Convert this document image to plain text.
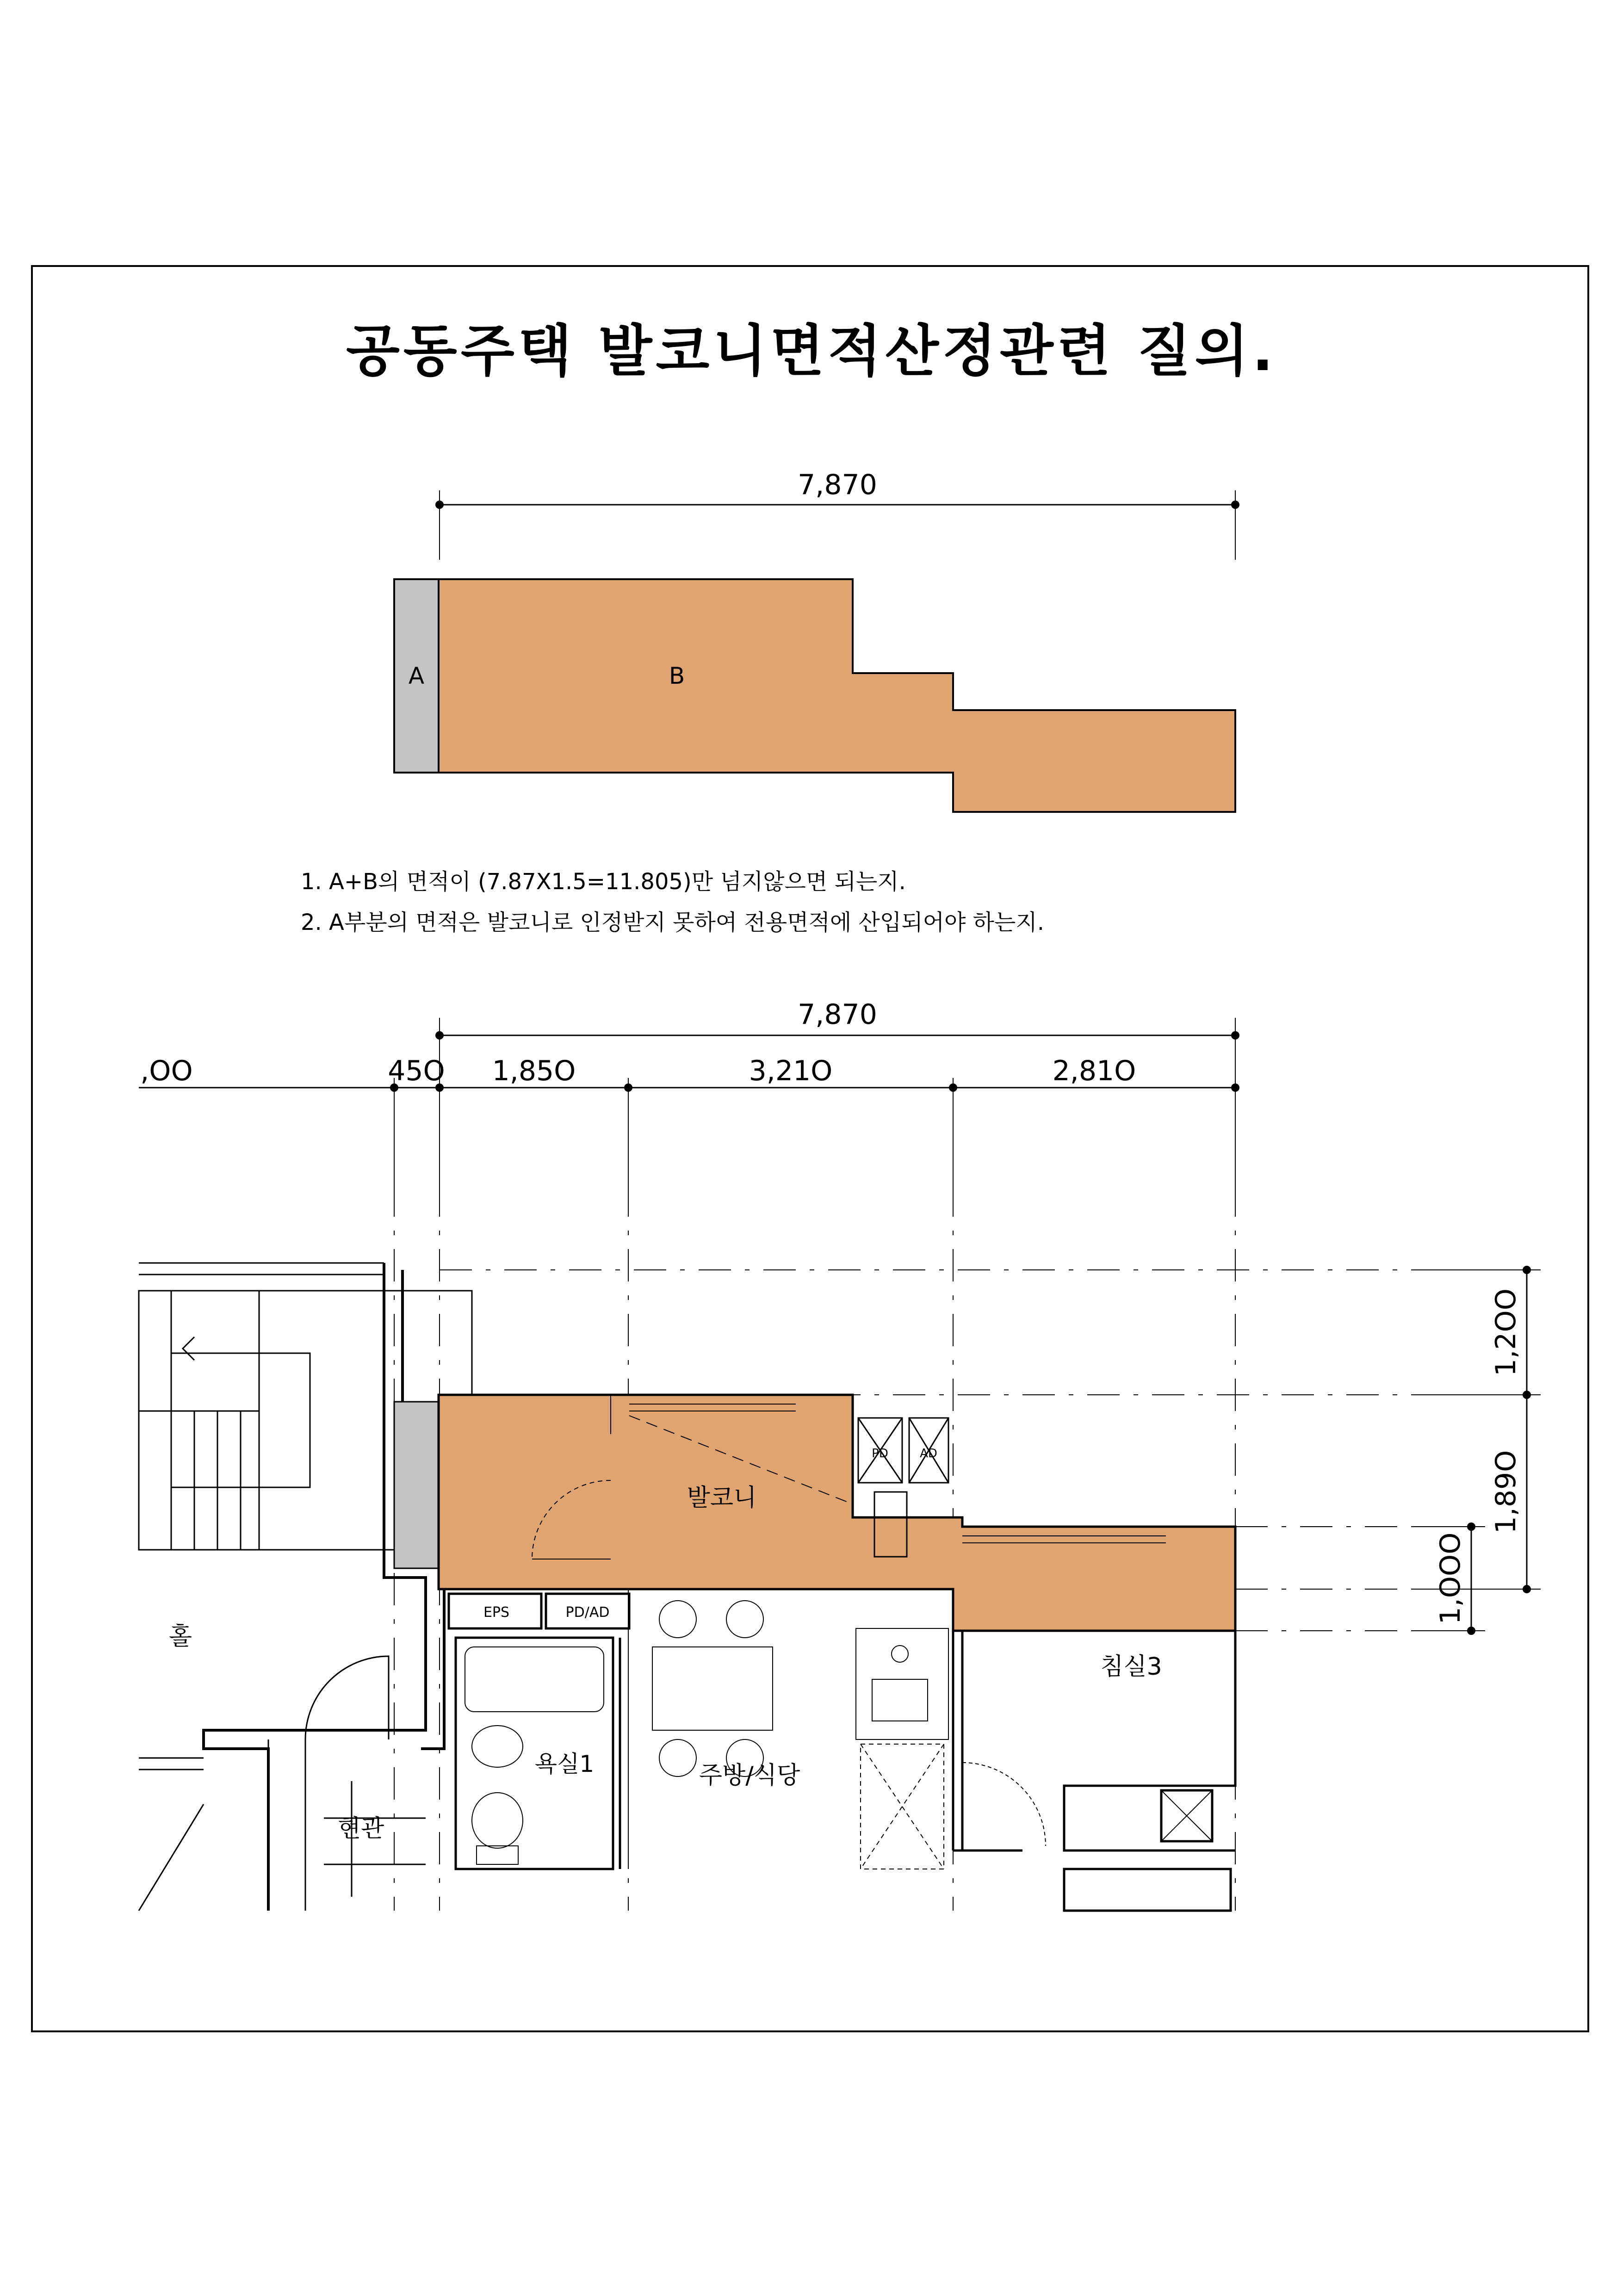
공동주택 발코니면적산정관련 질의.
7,870
A	B
7,870
,OO	45O 1,85O	3,21O	2,81O
1,2OO
1,89O
1,OOO
홀
현관
PD	AD
발코니
EPS	PD/AD
욕실1	주방/식당
침실3
1. A+B의 면적이 (7.87X1.5=11.805)만 넘지않으면 되는지.
2. A부분의 면적은 발코니로 인정받지 못하여 전용면적에 산입되어야 하는지.
